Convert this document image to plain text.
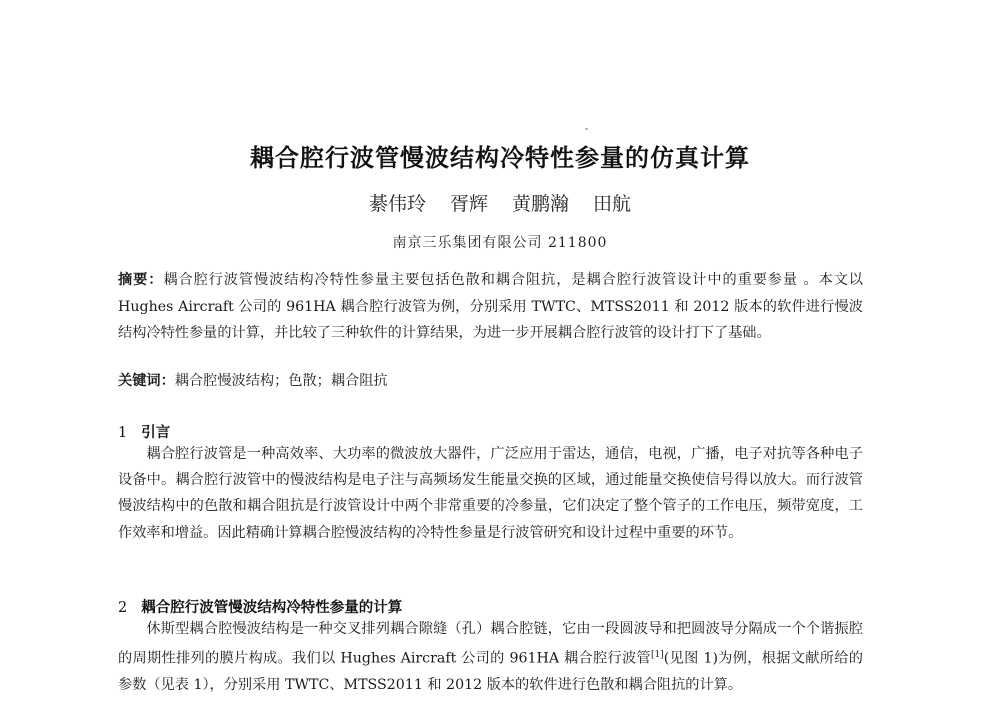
耦合腔行波管慢波结构冷特性参量的仿真计算
綦伟玲 胥辉 黄鹏瀚 田航
南京三乐集团有限公司 211800
摘要：耦合腔行波管慢波结构冷特性参量主要包括色散和耦合阻抗，是耦合腔行波管设计中的重要参量 。本文以 Hughes Aircraft 公司的 961HA 耦合腔行波管为例，分别采用 TWTC、MTSS2011 和 2012 版本的软件进行慢波结构冷特性参量的计算，并比较了三种软件的计算结果，为进一步开展耦合腔行波管的设计打下了基础。
关键词：耦合腔慢波结构；色散；耦合阻抗
1 引言
耦合腔行波管是一种高效率、大功率的微波放大器件，广泛应用于雷达，通信，电视，广播，电子对抗等各种电子设备中。耦合腔行波管中的慢波结构是电子注与高频场发生能量交换的区域，通过能量交换使信号得以放大。而行波管慢波结构中的色散和耦合阻抗是行波管设计中两个非常重要的冷参量，它们决定了整个管子的工作电压，频带宽度，工作效率和增益。因此精确计算耦合腔慢波结构的冷特性参量是行波管研究和设计过程中重要的环节。
2 耦合腔行波管慢波结构冷特性参量的计算
休斯型耦合腔慢波结构是一种交叉排列耦合隙缝（孔）耦合腔链，它由一段圆波导和把圆波导分隔成一个个谐振腔的周期性排列的膜片构成。我们以 Hughes Aircraft 公司的 961HA 耦合腔行波管[1](见图 1)为例，根据文献所给的参数（见表 1），分别采用 TWTC、MTSS2011 和 2012 版本的软件进行色散和耦合阻抗的计算。
